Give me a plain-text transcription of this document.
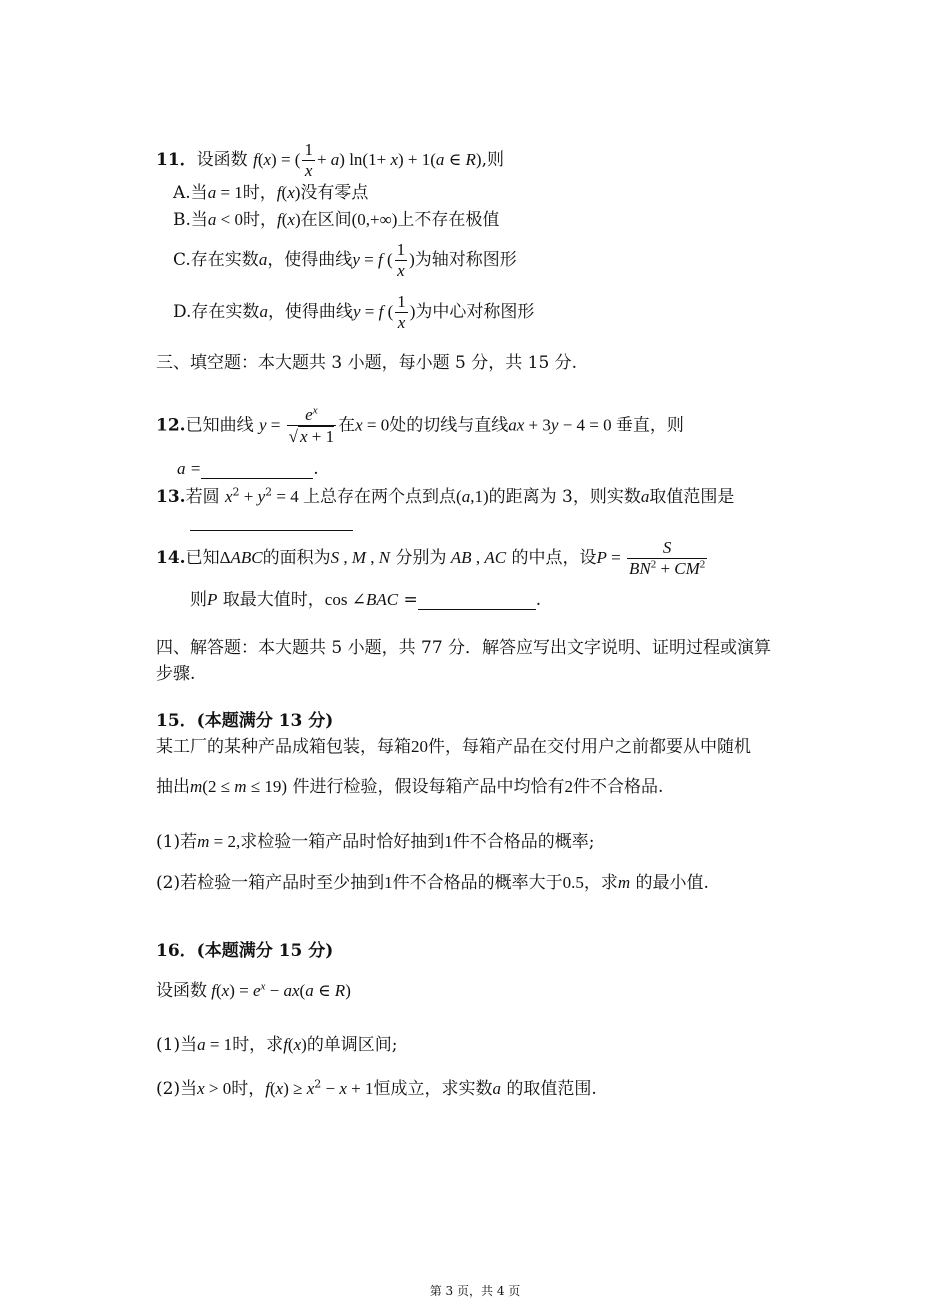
11．设函数 f(x) = ( $\frac{1}{x} + a$) ln(1+ x) + 1(a ∈ R),则
A.当a = 1时，f(x)没有零点
B.当a < 0时，f(x)在区间(0,+∞)上不存在极值
C.存在实数a，使得曲线y = f ( $\frac{1}{x}$ )为轴对称图形
D.存在实数a，使得曲线y = f ( $\frac{1}{x}$ )为中心对称图形
三、填空题：本大题共 3 小题，每小题 5 分，共 15 分.
12.已知曲线 $y = \frac{e^x}{√ x + 1}$ 在x = 0处的切线与直线ax + 3y − 4 = 0 垂直，则
a =	.
13.若圆 $x^2 + y^2 = 4$ 上总存在两个点到点(a,1)的距离为 3，则实数a取值范围是
14.已知ΔABC的面积为S , M , N 分别为 AB , AC 的中点，设$P = \frac{S}{BN^2 + CM^2}$
则P 取最大值时，cos ∠BAC =	.
四、解答题：本大题共 5 小题，共 77 分．解答应写出文字说明、证明过程或演算
步骤.
15．(本题满分 13 分)
某工厂的某种产品成箱包装，每箱20件，每箱产品在交付用户之前都要从中随机
抽出m(2 ≤ m ≤ 19) 件进行检验，假设每箱产品中均恰有2件不合格品.
(1)若m = 2,求检验一箱产品时恰好抽到1件不合格品的概率;
(2)若检验一箱产品时至少抽到1件不合格品的概率大于0.5，求m 的最小值.
16．(本题满分 15 分)
设函数 $f(x) = e^x - ax(a$ ∈ R)
(1)当a = 1时，求f(x)的单调区间;
(2)当x > 0时，$f(x) \ge x^2 - x + 1$恒成立，求实数a 的取值范围.
第 3 页，共 4 页
